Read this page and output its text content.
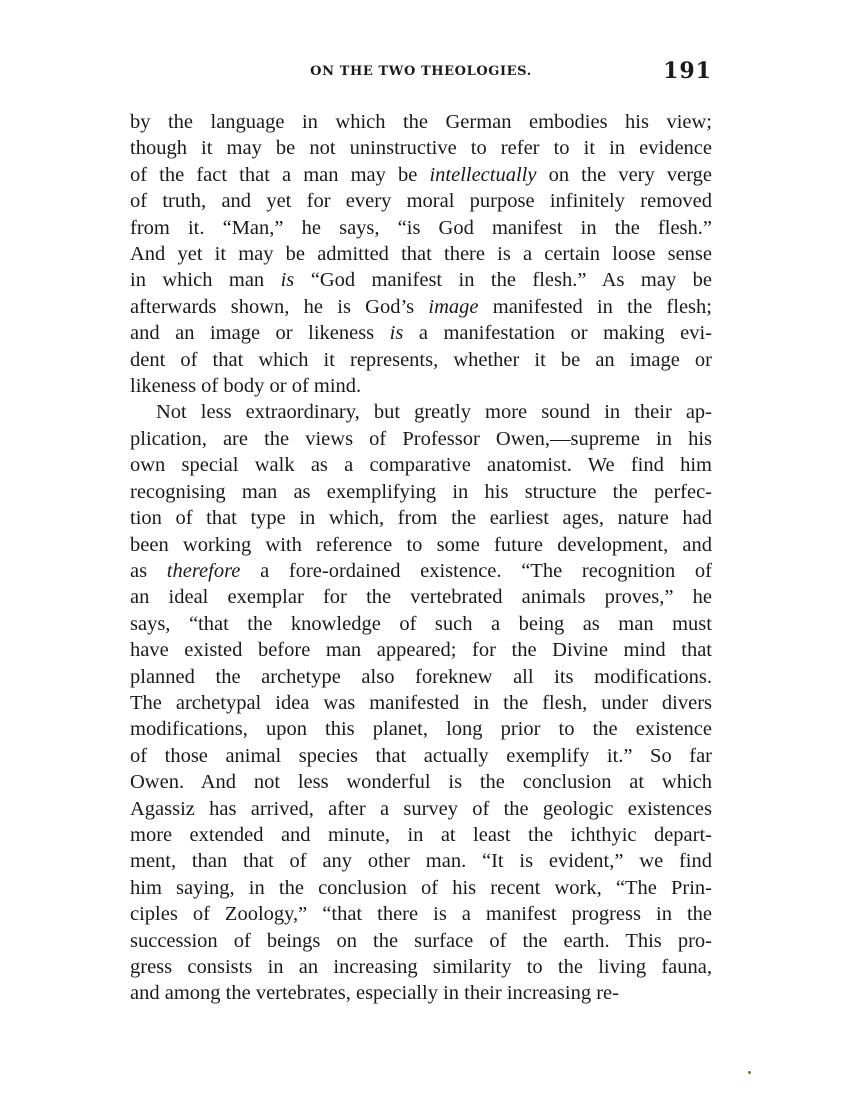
ON THE TWO THEOLOGIES.	191

by the language in which the German embodies his view;
though it may be not uninstructive to refer to it in evidence
of the fact that a man may be intellectually on the very verge
of truth, and yet for every moral purpose infinitely removed
from it. “Man,” he says, “is God manifest in the flesh.”
And yet it may be admitted that there is a certain loose sense
in which man is “God manifest in the flesh.” As may be
afterwards shown, he is God’s image manifested in the flesh;
and an image or likeness is a manifestation or making evi-
dent of that which it represents, whether it be an image or
likeness of body or of mind.

Not less extraordinary, but greatly more sound in their ap-
plication, are the views of Professor Owen,—supreme in his
own special walk as a comparative anatomist. We find him
recognising man as exemplifying in his structure the perfec-
tion of that type in which, from the earliest ages, nature had
been working with reference to some future development, and
as therefore a fore-ordained existence. “The recognition of
an ideal exemplar for the vertebrated animals proves,” he
says, “that the knowledge of such a being as man must
have existed before man appeared; for the Divine mind that
planned the archetype also foreknew all its modifications.
The archetypal idea was manifested in the flesh, under divers
modifications, upon this planet, long prior to the existence
of those animal species that actually exemplify it.” So far
Owen. And not less wonderful is the conclusion at which
Agassiz has arrived, after a survey of the geologic existences
more extended and minute, in at least the ichthyic depart-
ment, than that of any other man. “It is evident,” we find
him saying, in the conclusion of his recent work, “The Prin-
ciples of Zoology,” “that there is a manifest progress in the
succession of beings on the surface of the earth. This pro-
gress consists in an increasing similarity to the living fauna,
and among the vertebrates, especially in their increasing re-
